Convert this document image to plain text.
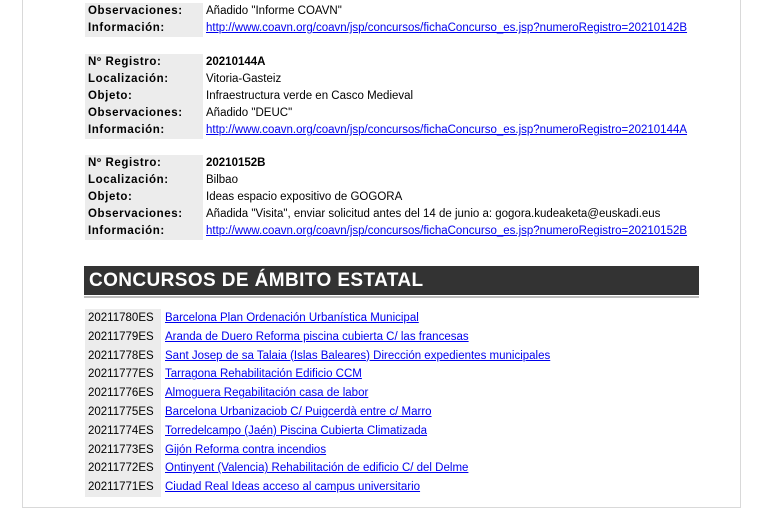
Observaciones:	Añadido "Informe COAVN"
Información:	http://www.coavn.org/coavn/jsp/concursos/fichaConcurso_es.jsp?numeroRegistro=20210142B
Nº Registro:	20210144A
Localización:	Vitoria-Gasteiz
Objeto:	Infraestructura verde en Casco Medieval
Observaciones:	Añadido "DEUC"
Información:	http://www.coavn.org/coavn/jsp/concursos/fichaConcurso_es.jsp?numeroRegistro=20210144A
Nº Registro:	20210152B
Localización:	Bilbao
Objeto:	Ideas espacio expositivo de GOGORA
Observaciones:	Añadida "Visita", enviar solicitud antes del 14 de junio a: gogora.kudeaketa@euskadi.eus
Información:	http://www.coavn.org/coavn/jsp/concursos/fichaConcurso_es.jsp?numeroRegistro=20210152B
CONCURSOS DE ÁMBITO ESTATAL
20211780ES Barcelona Plan Ordenación Urbanística Municipal
20211779ES Aranda de Duero Reforma piscina cubierta C/ las francesas
20211778ES Sant Josep de sa Talaia (Islas Baleares) Dirección expedientes municipales
20211777ES Tarragona Rehabilitación Edificio CCM
20211776ES Almoguera Regabilitación casa de labor
20211775ES Barcelona Urbanizaciob C/ Puigcerdà entre c/ Marro
20211774ES Torredelcampo (Jaén) Piscina Cubierta Climatizada
20211773ES Gijón Reforma contra incendios
20211772ES Ontinyent (Valencia) Rehabilitación de edificio C/ del Delme
20211771ES Ciudad Real Ideas acceso al campus universitario
